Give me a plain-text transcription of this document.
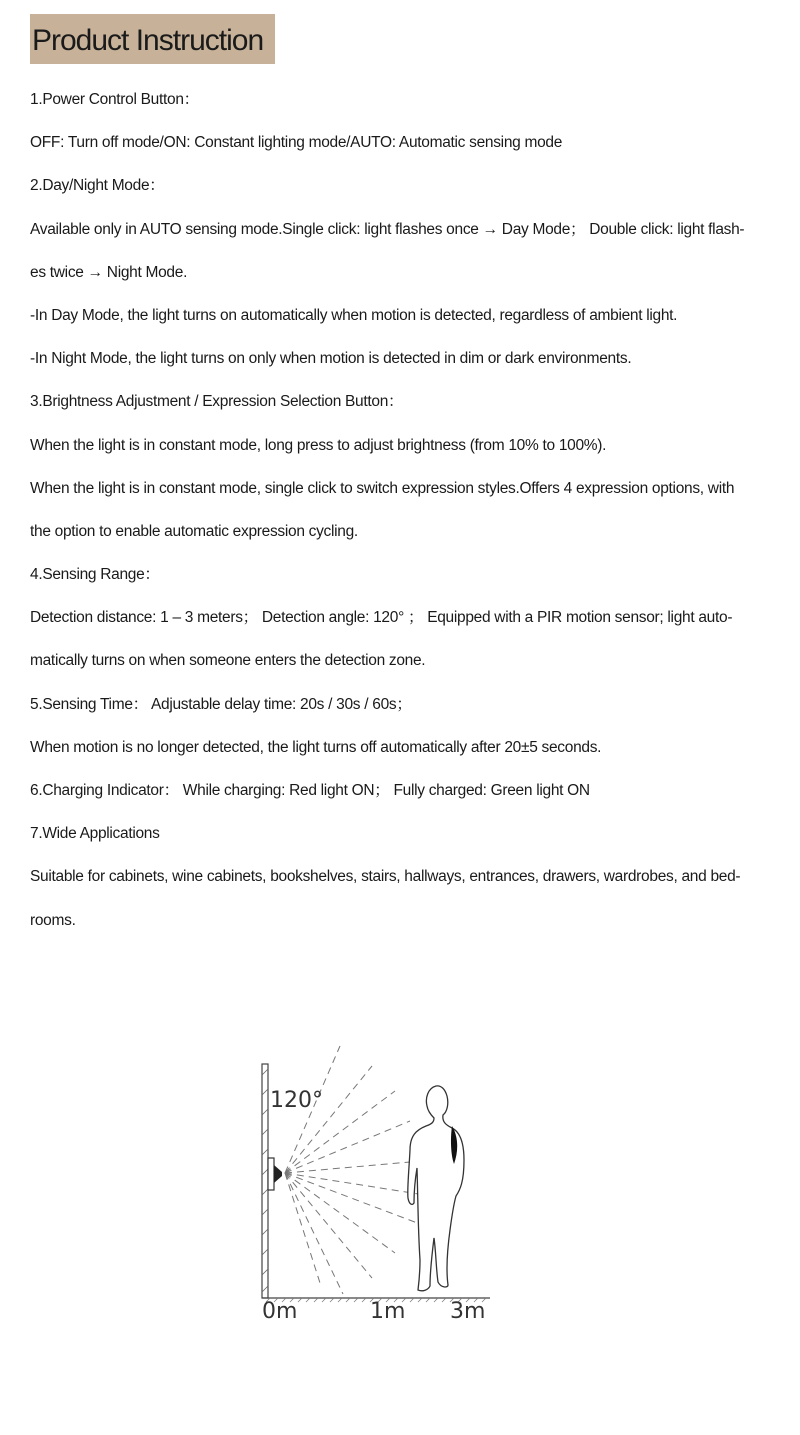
Product Instruction
1.Power Control Button：
OFF: Turn off mode/ON: Constant lighting mode/AUTO: Automatic sensing mode
2.Day/Night Mode：
Available only in AUTO sensing mode.Single click: light flashes once → Day Mode； Double click: light flash-
es twice → Night Mode.
-In Day Mode, the light turns on automatically when motion is detected, regardless of ambient light.
-In Night Mode, the light turns on only when motion is detected in dim or dark environments.
3.Brightness Adjustment / Expression Selection Button：
When the light is in constant mode, long press to adjust brightness (from 10% to 100%).
When the light is in constant mode, single click to switch expression styles.Offers 4 expression options, with
the option to enable automatic expression cycling.
4.Sensing Range：
Detection distance: 1 – 3 meters； Detection angle: 120° ； Equipped with a PIR motion sensor; light auto-
matically turns on when someone enters the detection zone.
5.Sensing Time： Adjustable delay time: 20s / 30s / 60s；
When motion is no longer detected, the light turns off automatically after 20±5 seconds.
6.Charging Indicator： While charging: Red light ON； Fully charged: Green light ON
7.Wide Applications
Suitable for cabinets, wine cabinets, bookshelves, stairs, hallways, entrances, drawers, wardrobes, and bed-
rooms.
120°
0m	1m 3m
